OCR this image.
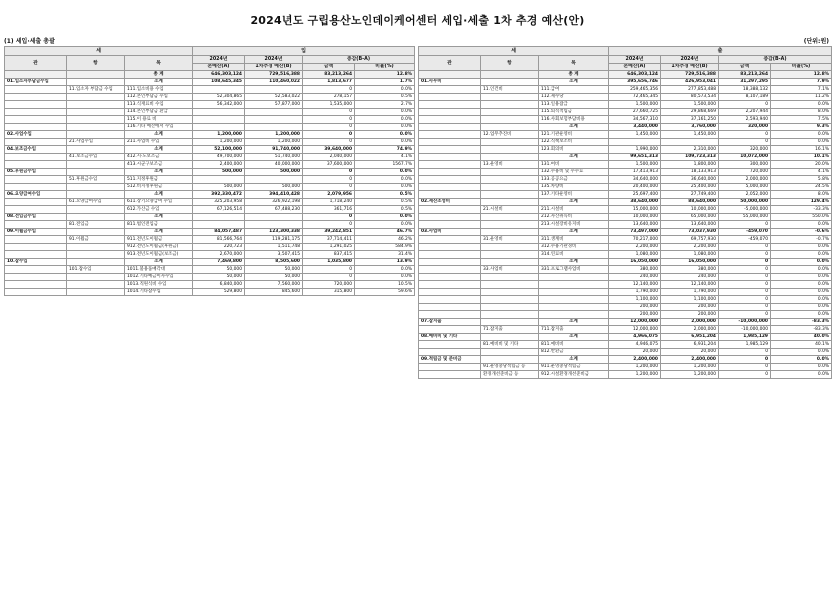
2024년도 구립용산노인데이케어센터 세입·세출 1차 추경 예산(안)
(1) 세입·세출 총괄	(단위:원)
세			입			
관	항	목	2024년	2024년	증감(B-A)	
			본예산(A)	1차추경 예산(B)	금액	비율(%)
		총 계	646,303,124	729,516,388	83,213,264	12.8%
01.입소자부담금수입		소계	108,645,345	110,460,022	1,813,677	1.7%
	11.입소자 부담금 수입	111.입소비용 수입			0	0.0%
		112.본인부담금 수입	52,304,865	52,583,022	278,157	0.5%
		113.식재료비 수입	56,342,000	57,877,000	1,535,000	2.7%
		114.본인부담금 환급			0	0.0%
		115.이 용료 비			0	0.0%
		116.기타 예산에서 수입			0	0.0%
02.사업수입		소계	1,200,000	1,200,000	0	0.0%
	21.사업수입	211.사업비 수입	1,200,000	1,200,000	0	0.0%
04.보조금수입		소계	52,100,000	91,740,000	39,640,000	74.9%
	41.보조금수입	412.시·도보조금	49,700,000	51,740,000	2,040,000	4.1%
		413.시군구보조금	2,400,000	40,000,000	37,600,000	1567.7%
05.후원금수입		소계	500,000	500,000	0	0.0%
	51.후원금수입	511.지정후원금			0	0.0%
		512.비지정후원금	500,000	500,000	0	0.0%
06.요양급여수입		소계	392,330,472	394,410,428	2,079,956	0.5%
	61.요양급여수입	611.장기요양급여 수입	325,203,958	326,922,198	1,718,240	0.5%
		612.가산금 수입	67,126,514	67,488,230	361,716	0.5%
08.전입금수입		소계			0	0.0%
	81.전입금	811.법인전입금			0	0.0%
09.이월금수입		소계	84,057,487	123,300,338	39,242,851	46.7%
	91.이월금	911.전년도이월금	81,566,764	119,281,175	37,714,411	46.2%
		912.전년도이월금(후원금)	220,723	1,511,748	1,291,025	584.9%
		913.전년도이월금(보조금)	2,670,000	3,507,415	837,415	31.4%
10.잡수입		소계	7,469,800	8,505,600	1,035,800	13.9%
	101.잡수입	1011.불용품매각대	50,000	50,000	0	0.0%
		1012.기타예금이자수입	50,000	50,000	0	0.0%
		1013.직원식비 수입	6,840,000	7,560,000	720,000	10.5%
		1014.기타잡수입	529,800	845,600	315,800	59.6%
세			출			
관	항	목	2024년	2024년	증감(B-A)	
			본예산(A)	1차추경 예산(B)	금액	비율(%)
		총 계	646,303,124	729,516,388	83,213,264	12.8%
01.사무비		소계	395,656,746	426,953,041	31,297,295	7.9%
	11.인건비	111.급여	259,465,356	277,853,488	18,388,132	7.1%
		112.제수당	72,465,345	80,573,534	8,107,189	11.2%
		113.일용잡급	1,500,000	1,500,000	0	0.0%
		115.퇴직적립금	27,660,725	29,868,669	2,207,944	8.0%
		116.사회보험부담비용	34,567,310	37,161,250	2,593,940	7.5%
		소계	3,440,000	3,760,000	320,000	9.3%
	12.업무추진비	121.기관운영비	1,450,000	1,450,000	0	0.0%
		122.직책보조비			0	0.0%
		123.회의비	1,990,000	2,310,000	320,000	16.1%
		소계	99,651,313	109,723,313	10,072,000	10.1%
	13.운영비	131.여비	1,500,000	1,800,000	300,000	20.0%
		132.수용비 및 수수료	17,413,913	18,133,913	720,000	4.1%
		133.공공요금	34,640,000	36,640,000	2,000,000	5.8%
		135.차량비	20,400,000	25,400,000	5,000,000	24.5%
		137.기타운영비	25,697,400	27,749,400	2,052,000	8.0%
02.재산조성비		소계	38,640,000	88,640,000	50,000,000	129.4%
	21.시설비	211.시설비	15,000,000	10,000,000	-5,000,000	-33.3%
		212.자산취득비	10,000,000	65,000,000	55,000,000	550.0%
		213.시설장비유지비	13,640,000	13,640,000	0	0.0%
03.사업비		소계	73,497,000	73,037,930	-459,070	-0.6%
	31.운영비	311.생계비	70,217,000	69,757,930	-459,070	-0.7%
		312.수용기관경비	2,200,000	2,200,000	0	0.0%
		314.연료비	1,080,000	1,080,000	0	0.0%
		소계	16,050,000	16,050,000	0	0.0%
	33.사업비	331.프로그램사업비	380,000	380,000	0	0.0%
			240,000	240,000	0	0.0%
			12,140,000	12,140,000	0	0.0%
			1,790,000	1,790,000	0	0.0%
			1,100,000	1,100,000	0	0.0%
			200,000	200,000	0	0.0%
			200,000	200,000	0	0.0%
07.잡지출		소계	12,000,000	2,000,000	-10,000,000	-83.3%
	71.잡지출	711.잡지출	12,000,000	2,000,000	-10,000,000	-83.3%
08.예비비 및 기타		소계	4,966,075	6,951,204	1,985,129	40.0%
	81.예비비 및 기타	811.예비비	4,946,075	6,931,204	1,985,129	40.1%
		812.반환금	20,000	20,000	0	0.0%
09.적립금 및 준비금		소계	2,400,000	2,400,000	0	0.0%
	91.운영충당적립금 등	911.운영충당적립금	1,200,000	1,200,000	0	0.0%
	환경개선준비금 등	912.시설환경개선준비금	1,200,000	1,200,000	0	0.0%
